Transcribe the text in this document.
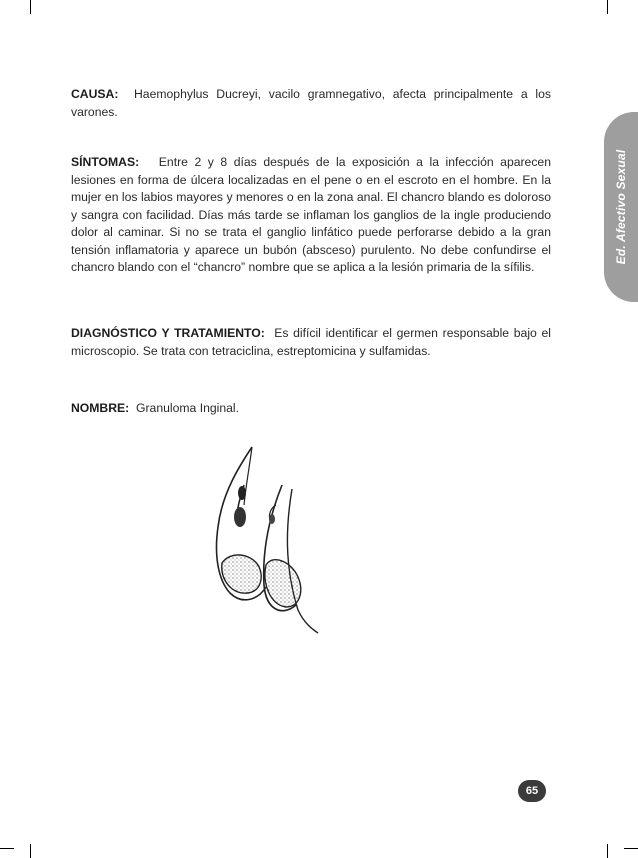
Ed. Afectivo Sexual

CAUSA: Haemophylus Ducreyi, vacilo gramnegativo, afecta principalmente a los varones.

SÍNTOMAS: Entre 2 y 8 días después de la exposición a la infección aparecen lesiones en forma de úlcera localizadas en el pene o en el escroto en el hombre. En la mujer en los labios mayores y menores o en la zona anal. El chancro blando es doloroso y sangra con facilidad. Días más tarde se inflaman los ganglios de la ingle produciendo dolor al caminar. Si no se trata el ganglio linfático puede perforarse debido a la gran tensión inflamatoria y aparece un bubón (absceso) purulento. No debe confundirse el chancro blando con el “chancro” nombre que se aplica a la lesión primaria de la sífilis.

DIAGNÓSTICO Y TRATAMIENTO: Es difícil identificar el germen responsable bajo el microscopio. Se trata con tetraciclina, estreptomicina y sulfamidas.

NOMBRE: Granuloma Inginal.

65
